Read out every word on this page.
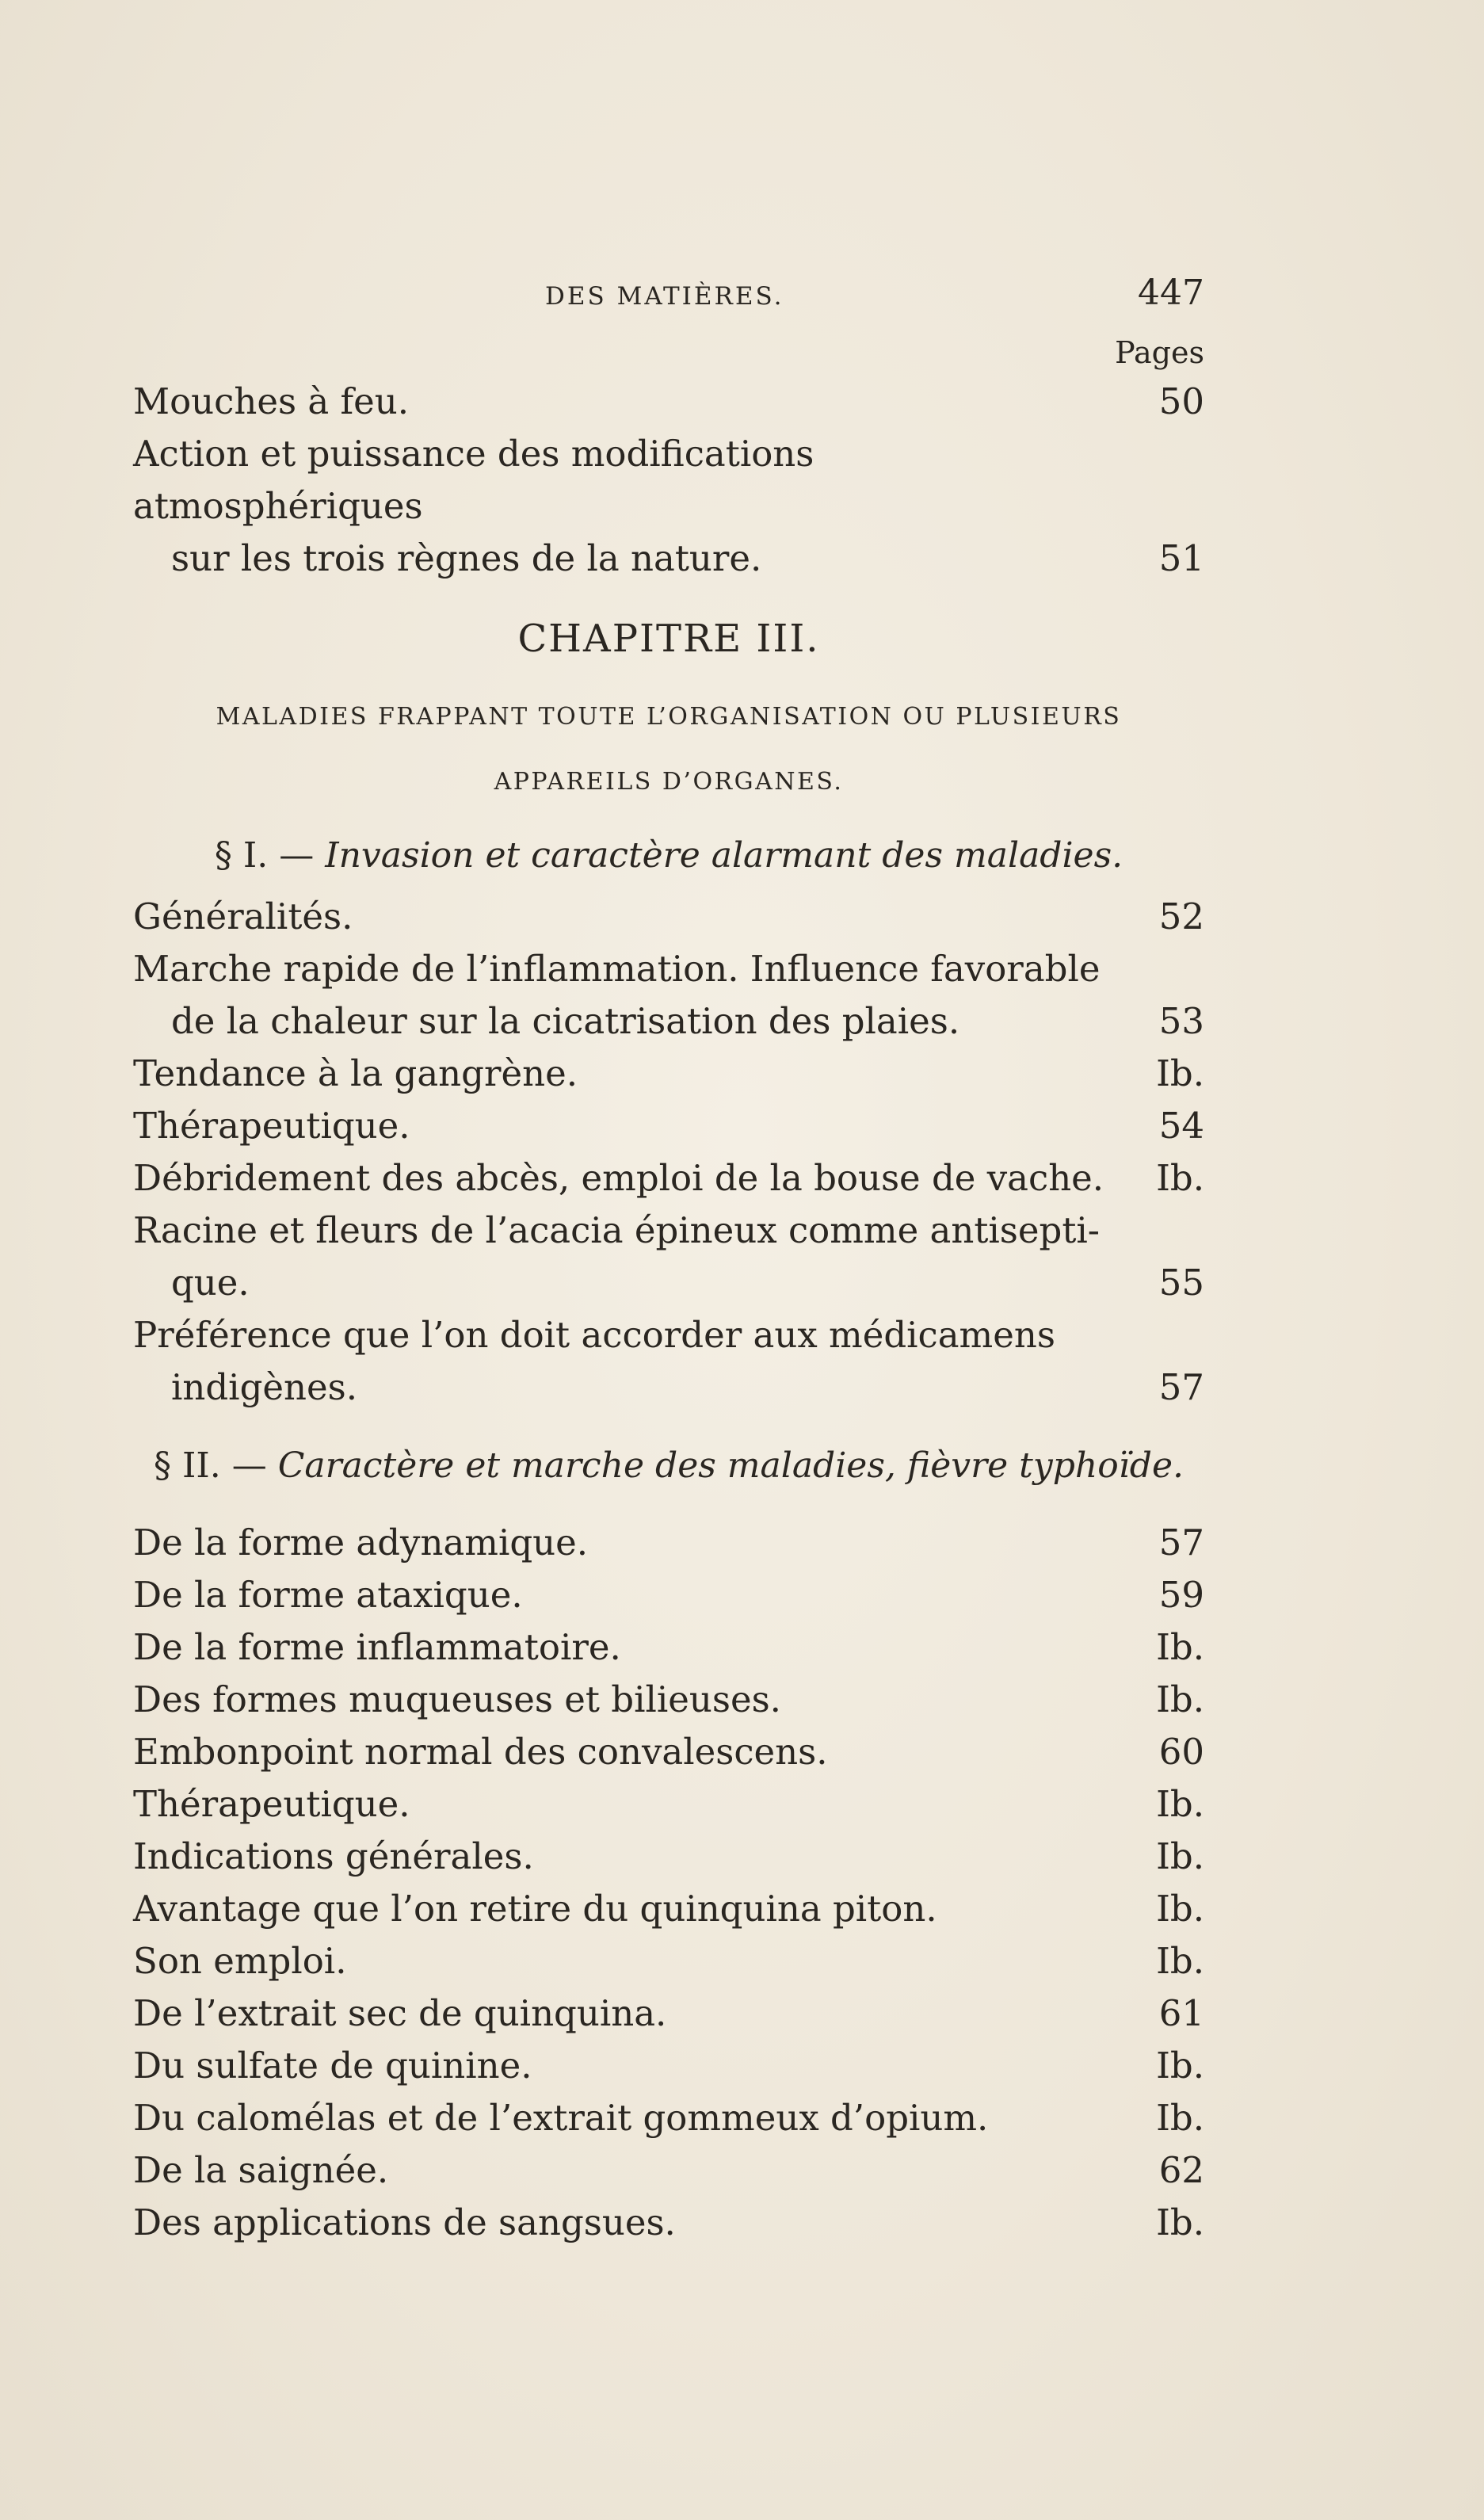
DES MATIÈRES.	447
Pages
Mouches à feu.	50
Action et puissance des modifications atmosphériques
sur les trois règnes de la nature.	51
CHAPITRE III.
MALADIES FRAPPANT TOUTE L’ORGANISATION OU PLUSIEURS
APPAREILS D’ORGANES.
§ I. — Invasion et caractère alarmant des maladies.
Généralités.	52
Marche rapide de l’inflammation. Influence favorable
de la chaleur sur la cicatrisation des plaies.	53
Tendance à la gangrène.	Ib.
Thérapeutique.	54
Débridement des abcès, emploi de la bouse de vache. Ib.
Racine et fleurs de l’acacia épineux comme antisepti-
que.	55
Préférence que l’on doit accorder aux médicamens
indigènes.	57
§ II. — Caractère et marche des maladies, fièvre typhoïde.
De la forme adynamique.	57
De la forme ataxique.	59
De la forme inflammatoire.	Ib.
Des formes muqueuses et bilieuses.	Ib.
Embonpoint normal des convalescens.	60
Thérapeutique.	Ib.
Indications générales.	Ib.
Avantage que l’on retire du quinquina piton.	Ib.
Son emploi.	Ib.
De l’extrait sec de quinquina.	61
Du sulfate de quinine.	Ib.
Du calomélas et de l’extrait gommeux d’opium.	Ib.
De la saignée.	62
Des applications de sangsues.	Ib.
